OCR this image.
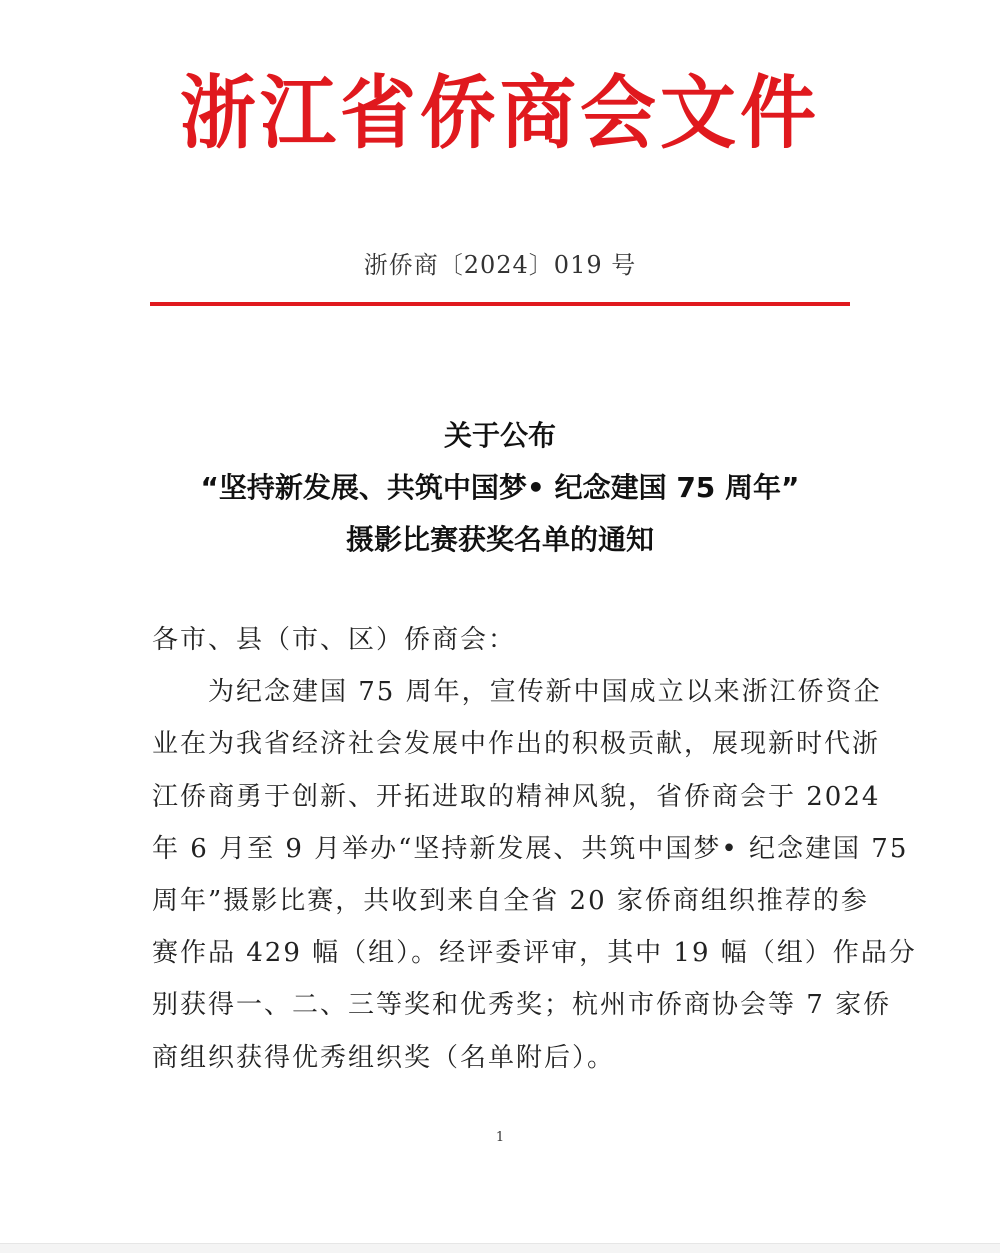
浙江省侨商会文件
浙侨商〔2024〕019 号
关于公布
“坚持新发展、共筑中国梦• 纪念建国 75 周年”
摄影比赛获奖名单的通知
各市、县（市、区）侨商会：
为纪念建国 75 周年，宣传新中国成立以来浙江侨资企
业在为我省经济社会发展中作出的积极贡献，展现新时代浙
江侨商勇于创新、开拓进取的精神风貌，省侨商会于 2024
年 6 月至 9 月举办“坚持新发展、共筑中国梦• 纪念建国 75
周年”摄影比赛，共收到来自全省 20 家侨商组织推荐的参
赛作品 429 幅（组）。经评委评审，其中 19 幅（组）作品分
别获得一、二、三等奖和优秀奖；杭州市侨商协会等 7 家侨
商组织获得优秀组织奖（名单附后）。
1
